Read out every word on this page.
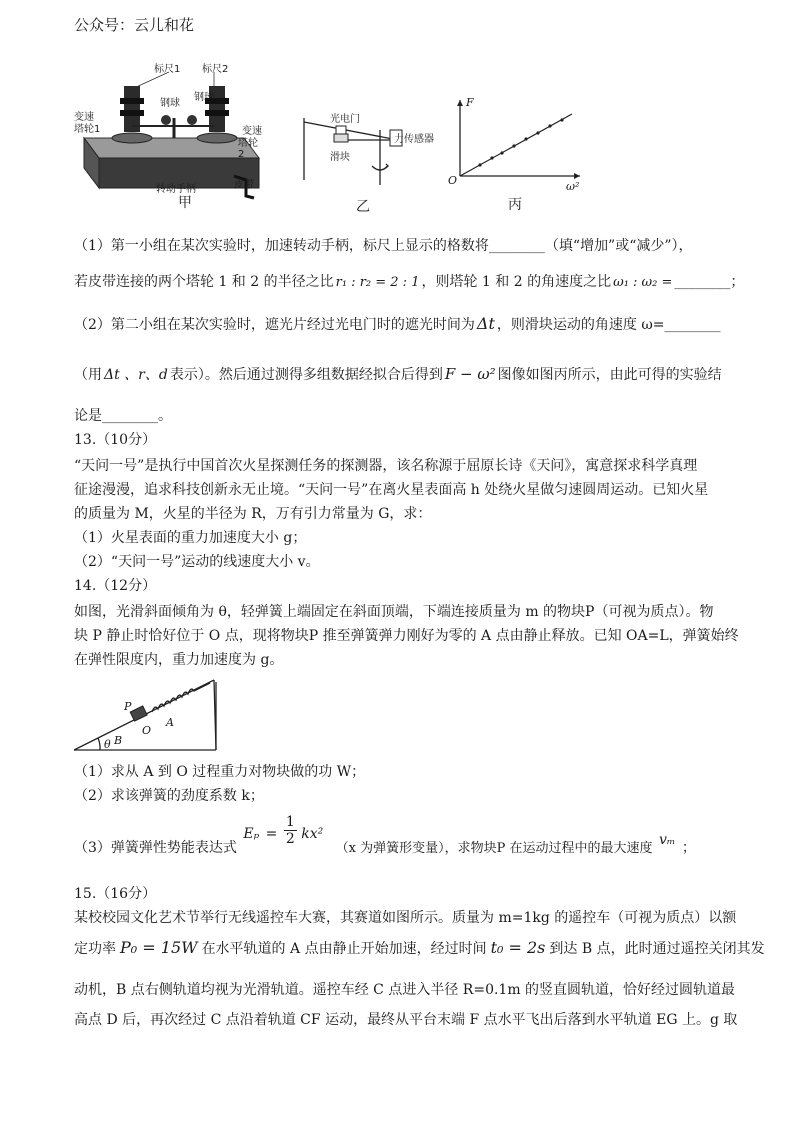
公众号：云儿和花
标尺1 标尺2
钢球
钢球
变速
塔轮1	变速
塔轮2
转动手柄	皮带
甲
光电门
滑块
力传感器
乙
F
O	ω²
丙
（1）第一小组在某次实验时，加速转动手柄，标尺上显示的格数将________（填“增加”或“减少”），
若皮带连接的两个塔轮 1 和 2 的半径之比 r₁ : r₂ = 2 : 1 ，则塔轮 1 和 2 的角速度之比 ω₁ : ω₂ = ________；
（2）第二小组在某次实验时，遮光片经过光电门时的遮光时间为 Δt ，则滑块运动的角速度 ω=________
（用 Δt 、r、d 表示）。然后通过测得多组数据经拟合后得到 F − ω² 图像如图丙所示，由此可得的实验结
论是________。
13.（10分）
“天问一号”是执行中国首次火星探测任务的探测器，该名称源于屈原长诗《天问》，寓意探求科学真理
征途漫漫，追求科技创新永无止境。“天问一号”在离火星表面高 h 处绕火星做匀速圆周运动。已知火星
的质量为 M，火星的半径为 R，万有引力常量为 G，求：
（1）火星表面的重力加速度大小 g；
（2）“天问一号”运动的线速度大小 v。
14.（12分）
如图，光滑斜面倾角为 θ，轻弹簧上端固定在斜面顶端，下端连接质量为 m 的物块P（可视为质点）。物
块 P 静止时恰好位于 O 点，现将物块P 推至弹簧弹力刚好为零的 A 点由静止释放。已知 OA=L，弹簧始终
在弹性限度内，重力加速度为 g。
P
A
O
B
θ
（1）求从 A 到 O 过程重力对物块做的功 W；
（2）求该弹簧的劲度系数 k；
（3）弹簧弹性势能表达式 $E_p = \frac{1}{2} kx^2$ （x 为弹簧形变量），求物块P 在运动过程中的最大速度 vₘ ；
15.（16分）
某校校园文化艺术节举行无线遥控车大赛，其赛道如图所示。质量为 m=1kg 的遥控车（可视为质点）以额
定功率 P₀ = 15W 在水平轨道的 A 点由静止开始加速，经过时间 t₀ = 2s 到达 B 点，此时通过遥控关闭其发
动机，B 点右侧轨道均视为光滑轨道。遥控车经 C 点进入半径 R=0.1m 的竖直圆轨道，恰好经过圆轨道最
高点 D 后，再次经过 C 点沿着轨道 CF 运动，最终从平台末端 F 点水平飞出后落到水平轨道 EG 上。g 取
